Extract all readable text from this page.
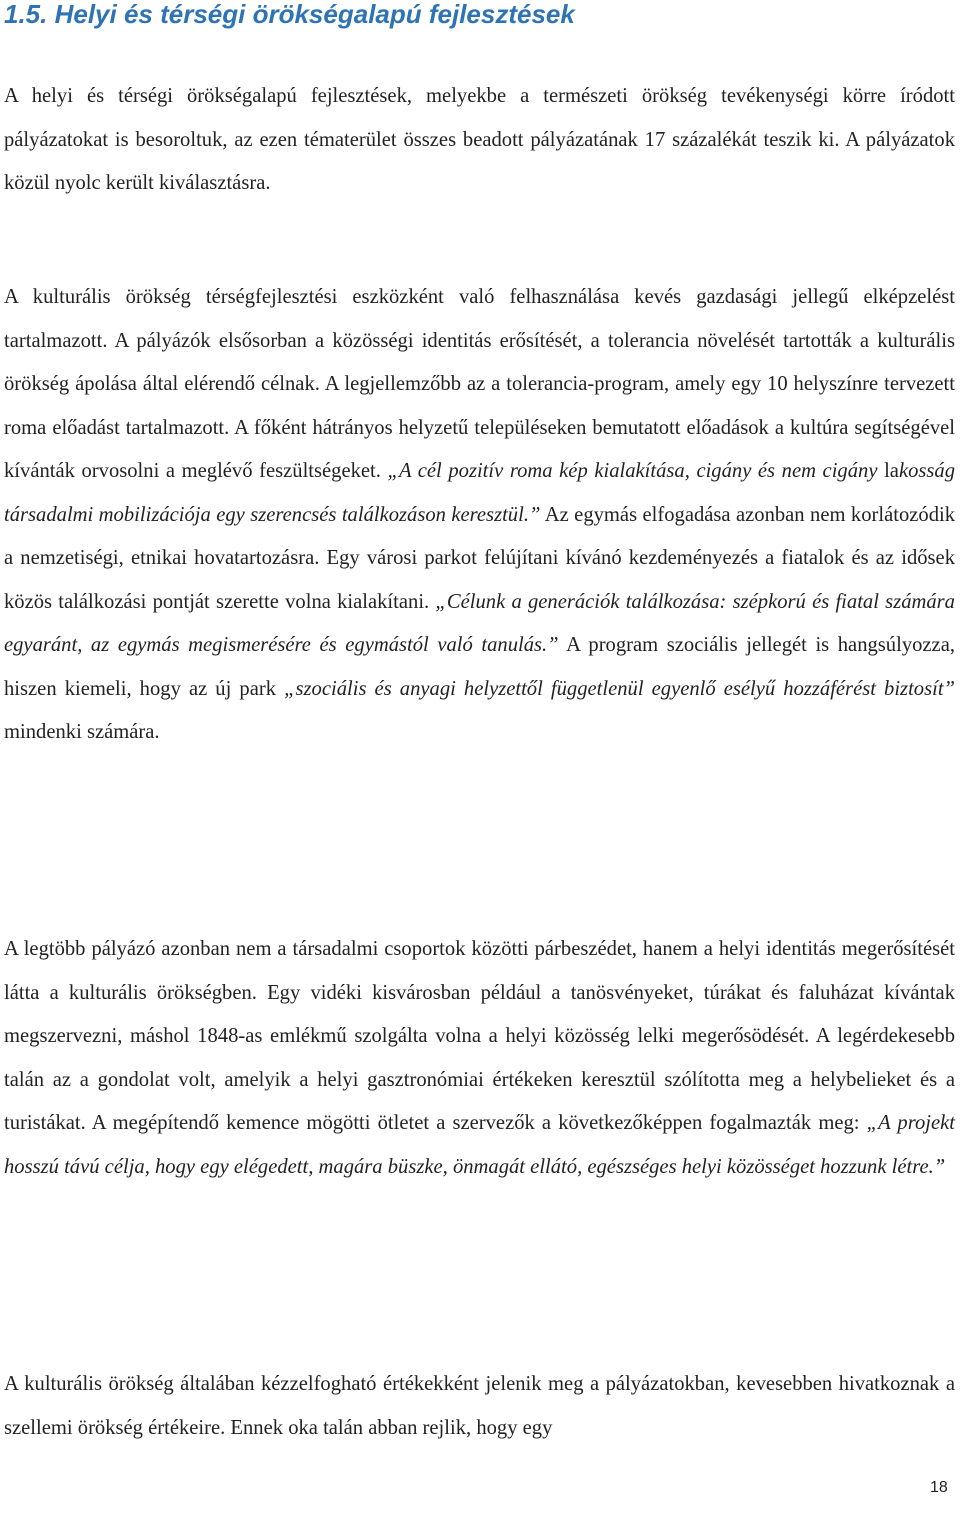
1.5. Helyi és térségi örökségalapú fejlesztések

A helyi és térségi örökségalapú fejlesztések, melyekbe a természeti örökség tevékenységi körre íródott pályázatokat is besoroltuk, az ezen tématerület összes beadott pályázatának 17 százalékát teszik ki. A pályázatok közül nyolc került kiválasztásra.

A kulturális örökség térségfejlesztési eszközként való felhasználása kevés gazdasági jellegű elképzelést tartalmazott. A pályázók elsősorban a közösségi identitás erősítését, a tolerancia növelését tartották a kulturális örökség ápolása által elérendő célnak. A legjellemzőbb az a tolerancia-program, amely egy 10 helyszínre tervezett roma előadást tartalmazott. A főként hátrányos helyzetű településeken bemutatott előadások a kultúra segítségével kívánták orvosolni a meglévő feszültségeket. „A cél pozitív roma kép kialakítása, cigány és nem cigány lakosság társadalmi mobilizációja egy szerencsés találkozáson keresztül.” Az egymás elfogadása azonban nem korlátozódik a nemzetiségi, etnikai hovatartozásra. Egy városi parkot felújítani kívánó kezdeményezés a fiatalok és az idősek közös találkozási pontját szerette volna kialakítani. „Célunk a generációk találkozása: szépkorú és fiatal számára egyaránt, az egymás megismerésére és egymástól való tanulás.” A program szociális jellegét is hangsúlyozza, hiszen kiemeli, hogy az új park „szociális és anyagi helyzettől függetlenül egyenlő esélyű hozzáférést biztosít” mindenki számára.

A legtöbb pályázó azonban nem a társadalmi csoportok közötti párbeszédet, hanem a helyi identitás megerősítését látta a kulturális örökségben. Egy vidéki kisvárosban például a tanösvényeket, túrákat és faluházat kívántak megszervezni, máshol 1848-as emlékmű szolgálta volna a helyi közösség lelki megerősödését. A legérdekesebb talán az a gondolat volt, amelyik a helyi gasztronómiai értékeken keresztül szólította meg a helybelieket és a turistákat. A megépítendő kemence mögötti ötletet a szervezők a következőképpen fogalmazták meg: „A projekt hosszú távú célja, hogy egy elégedett, magára büszke, önmagát ellátó, egészséges helyi közösséget hozzunk létre.”

A kulturális örökség általában kézzelfogható értékekként jelenik meg a pályázatokban, kevesebben hivatkoznak a szellemi örökség értékeire. Ennek oka talán abban rejlik, hogy egy

18
